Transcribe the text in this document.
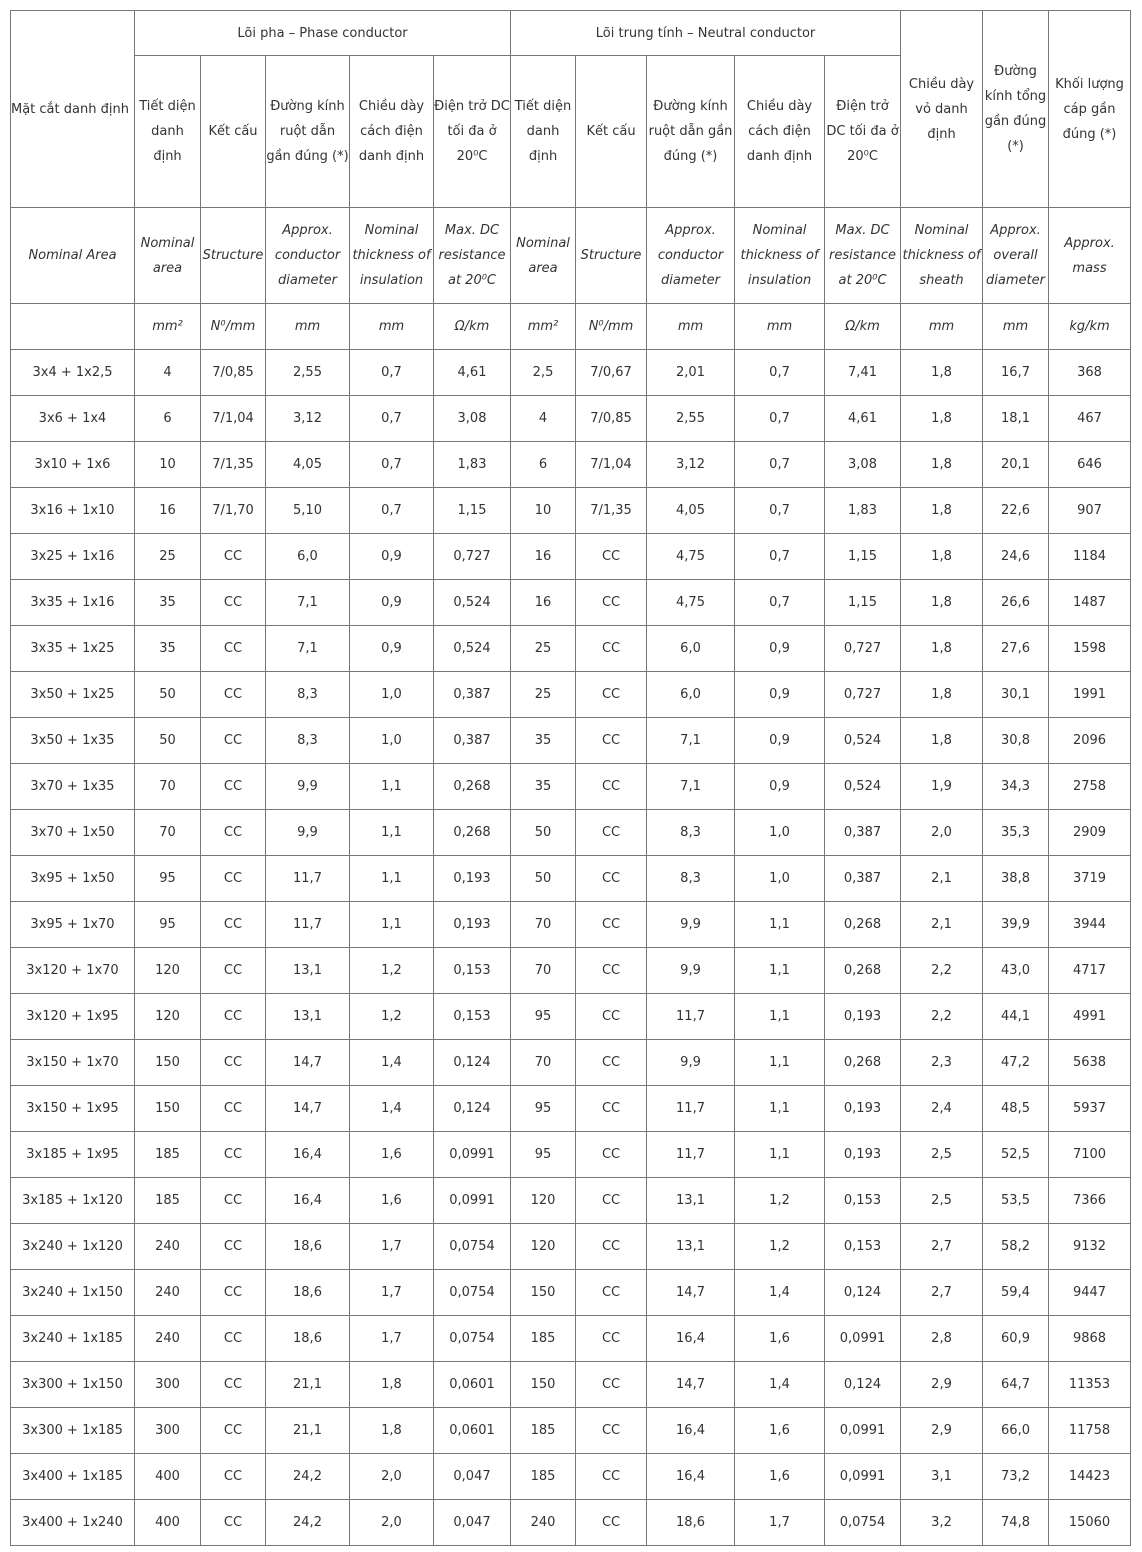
Mặt cắt danh định	Lõi pha – Phase conductor					Lõi trung tính – Neutral conductor					Chiều dày vỏ danh định	Đường kính tổng gần đúng (*)	Khối lượng cáp gần đúng (*)
	Tiết diện danh định	Kết cấu	Đường kính ruột dẫn gần đúng (*)	Chiều dày cách điện danh định	Điện trở DC tối đa ở 20⁰C	Tiết diện danh định	Kết cấu	Đường kính ruột dẫn gần đúng (*)	Chiều dày cách điện danh định	Điện trở DC tối đa ở 20⁰C			
Nominal Area	Nominal area	Structure	Approx. conductor diameter	Nominal thickness of insulation	Max. DC resistance at 20⁰C	Nominal area	Structure	Approx. conductor diameter	Nominal thickness of insulation	Max. DC resistance at 20⁰C	Nominal thickness of sheath	Approx. overall diameter	Approx. mass
	mm²	N⁰/mm	mm	mm	Ω/km	mm²	N⁰/mm	mm	mm	Ω/km	mm	mm	kg/km
3x4 + 1x2,5	4	7/0,85	2,55	0,7	4,61	2,5	7/0,67	2,01	0,7	7,41	1,8	16,7	368
3x6 + 1x4	6	7/1,04	3,12	0,7	3,08	4	7/0,85	2,55	0,7	4,61	1,8	18,1	467
3x10 + 1x6	10	7/1,35	4,05	0,7	1,83	6	7/1,04	3,12	0,7	3,08	1,8	20,1	646
3x16 + 1x10	16	7/1,70	5,10	0,7	1,15	10	7/1,35	4,05	0,7	1,83	1,8	22,6	907
3x25 + 1x16	25	CC	6,0	0,9	0,727	16	CC	4,75	0,7	1,15	1,8	24,6	1184
3x35 + 1x16	35	CC	7,1	0,9	0,524	16	CC	4,75	0,7	1,15	1,8	26,6	1487
3x35 + 1x25	35	CC	7,1	0,9	0,524	25	CC	6,0	0,9	0,727	1,8	27,6	1598
3x50 + 1x25	50	CC	8,3	1,0	0,387	25	CC	6,0	0,9	0,727	1,8	30,1	1991
3x50 + 1x35	50	CC	8,3	1,0	0,387	35	CC	7,1	0,9	0,524	1,8	30,8	2096
3x70 + 1x35	70	CC	9,9	1,1	0,268	35	CC	7,1	0,9	0,524	1,9	34,3	2758
3x70 + 1x50	70	CC	9,9	1,1	0,268	50	CC	8,3	1,0	0,387	2,0	35,3	2909
3x95 + 1x50	95	CC	11,7	1,1	0,193	50	CC	8,3	1,0	0,387	2,1	38,8	3719
3x95 + 1x70	95	CC	11,7	1,1	0,193	70	CC	9,9	1,1	0,268	2,1	39,9	3944
3x120 + 1x70	120	CC	13,1	1,2	0,153	70	CC	9,9	1,1	0,268	2,2	43,0	4717
3x120 + 1x95	120	CC	13,1	1,2	0,153	95	CC	11,7	1,1	0,193	2,2	44,1	4991
3x150 + 1x70	150	CC	14,7	1,4	0,124	70	CC	9,9	1,1	0,268	2,3	47,2	5638
3x150 + 1x95	150	CC	14,7	1,4	0,124	95	CC	11,7	1,1	0,193	2,4	48,5	5937
3x185 + 1x95	185	CC	16,4	1,6	0,0991	95	CC	11,7	1,1	0,193	2,5	52,5	7100
3x185 + 1x120	185	CC	16,4	1,6	0,0991	120	CC	13,1	1,2	0,153	2,5	53,5	7366
3x240 + 1x120	240	CC	18,6	1,7	0,0754	120	CC	13,1	1,2	0,153	2,7	58,2	9132
3x240 + 1x150	240	CC	18,6	1,7	0,0754	150	CC	14,7	1,4	0,124	2,7	59,4	9447
3x240 + 1x185	240	CC	18,6	1,7	0,0754	185	CC	16,4	1,6	0,0991	2,8	60,9	9868
3x300 + 1x150	300	CC	21,1	1,8	0,0601	150	CC	14,7	1,4	0,124	2,9	64,7	11353
3x300 + 1x185	300	CC	21,1	1,8	0,0601	185	CC	16,4	1,6	0,0991	2,9	66,0	11758
3x400 + 1x185	400	CC	24,2	2,0	0,047	185	CC	16,4	1,6	0,0991	3,1	73,2	14423
3x400 + 1x240	400	CC	24,2	2,0	0,047	240	CC	18,6	1,7	0,0754	3,2	74,8	15060
